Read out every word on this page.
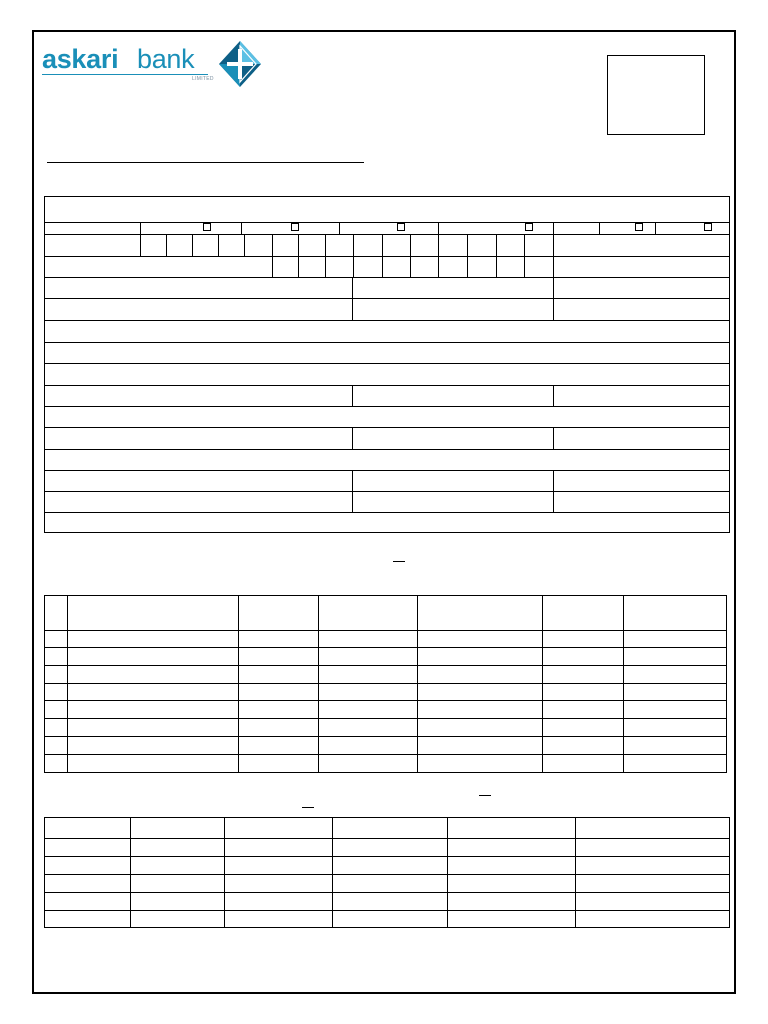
askari bank
LIMITED
